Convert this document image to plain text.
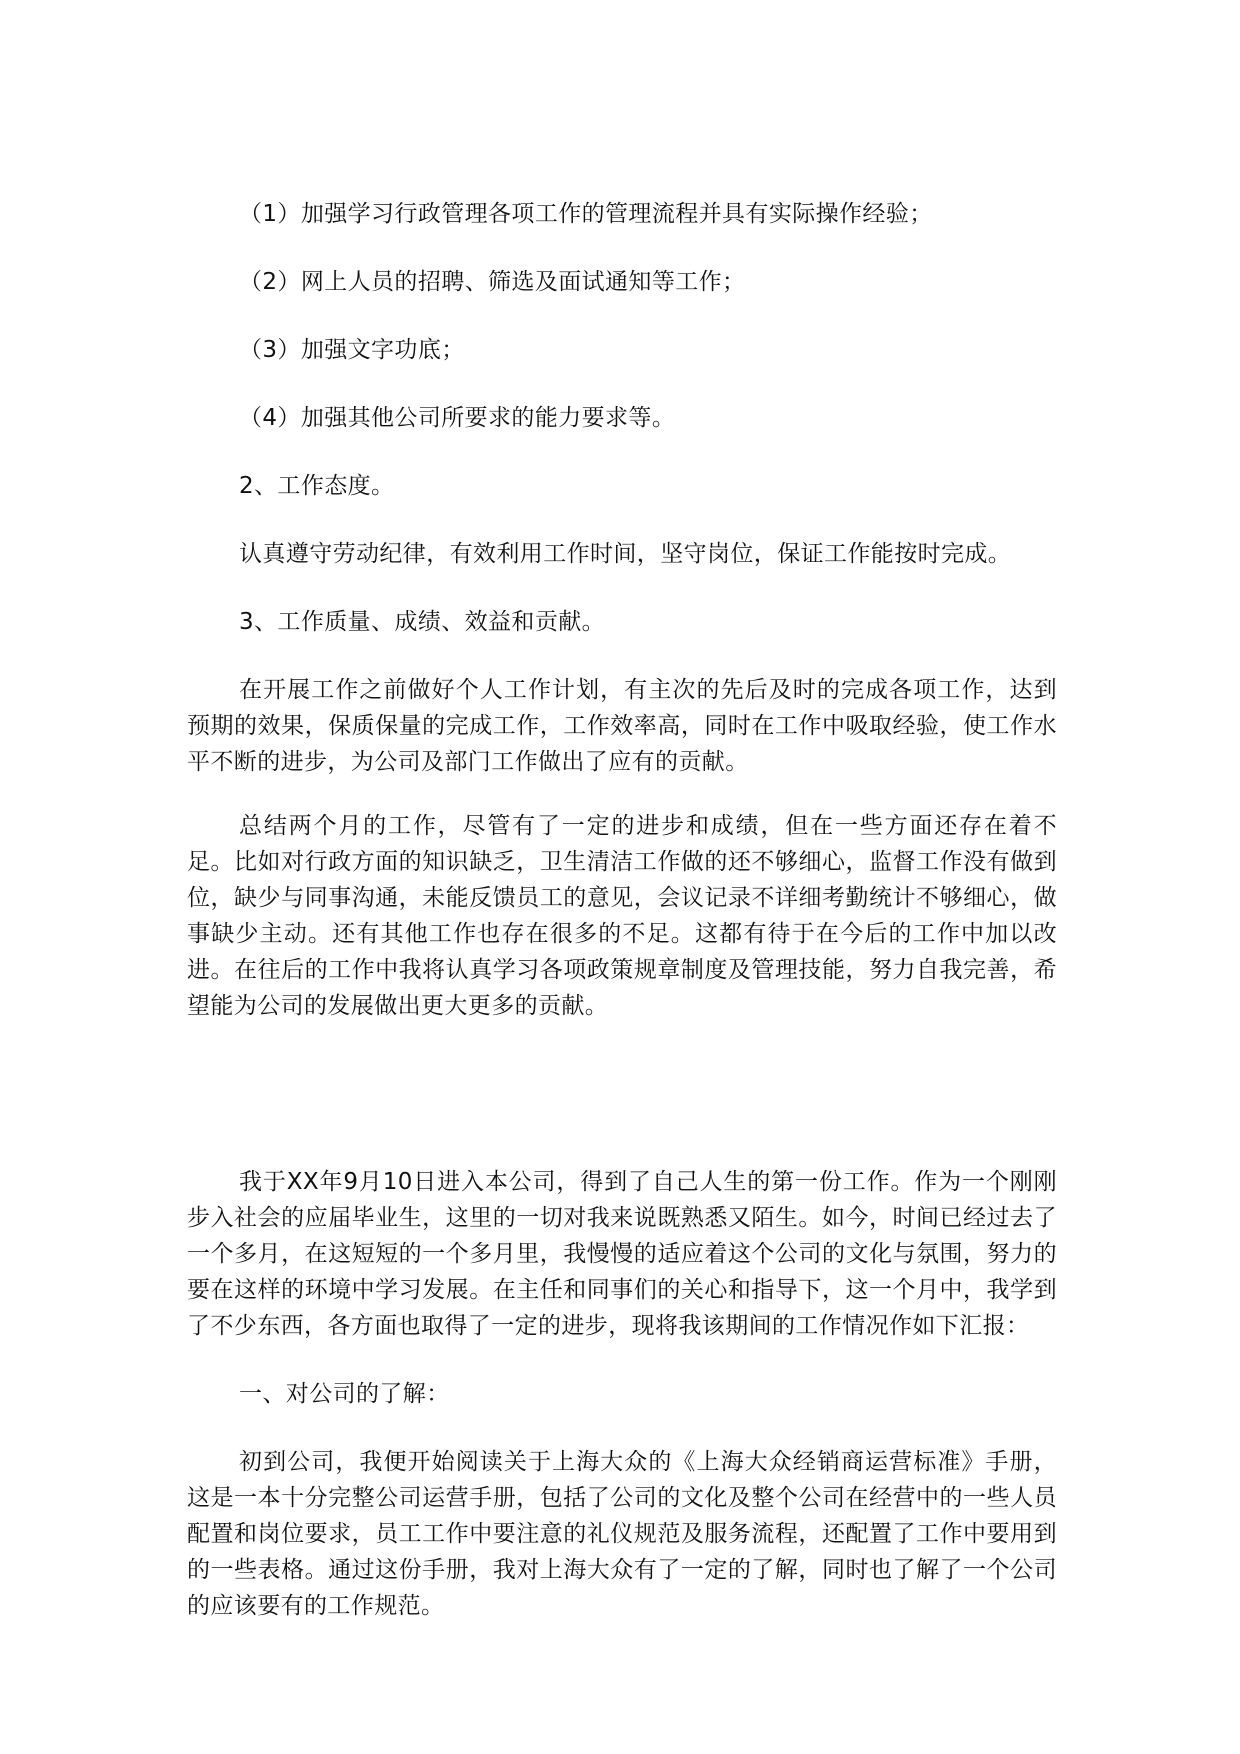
（1）加强学习行政管理各项工作的管理流程并具有实际操作经验；

（2）网上人员的招聘、筛选及面试通知等工作；

（3）加强文字功底；

（4）加强其他公司所要求的能力要求等。

2、工作态度。

认真遵守劳动纪律，有效利用工作时间，坚守岗位，保证工作能按时完成。

3、工作质量、成绩、效益和贡献。

在开展工作之前做好个人工作计划，有主次的先后及时的完成各项工作，达到预期的效果，保质保量的完成工作，工作效率高，同时在工作中吸取经验，使工作水平不断的进步，为公司及部门工作做出了应有的贡献。

总结两个月的工作，尽管有了一定的进步和成绩，但在一些方面还存在着不足。比如对行政方面的知识缺乏，卫生清洁工作做的还不够细心，监督工作没有做到位，缺少与同事沟通，未能反馈员工的意见，会议记录不详细考勤统计不够细心，做事缺少主动。还有其他工作也存在很多的不足。这都有待于在今后的工作中加以改进。在往后的工作中我将认真学习各项政策规章制度及管理技能，努力自我完善，希望能为公司的发展做出更大更多的贡献。

我于XX年9月10日进入本公司，得到了自己人生的第一份工作。作为一个刚刚步入社会的应届毕业生，这里的一切对我来说既熟悉又陌生。如今，时间已经过去了一个多月，在这短短的一个多月里，我慢慢的适应着这个公司的文化与氛围，努力的要在这样的环境中学习发展。在主任和同事们的关心和指导下，这一个月中，我学到了不少东西，各方面也取得了一定的进步，现将我该期间的工作情况作如下汇报：

一、对公司的了解：

初到公司，我便开始阅读关于上海大众的《上海大众经销商运营标准》手册，这是一本十分完整公司运营手册，包括了公司的文化及整个公司在经营中的一些人员配置和岗位要求，员工工作中要注意的礼仪规范及服务流程，还配置了工作中要用到的一些表格。通过这份手册，我对上海大众有了一定的了解，同时也了解了一个公司的应该要有的工作规范。
